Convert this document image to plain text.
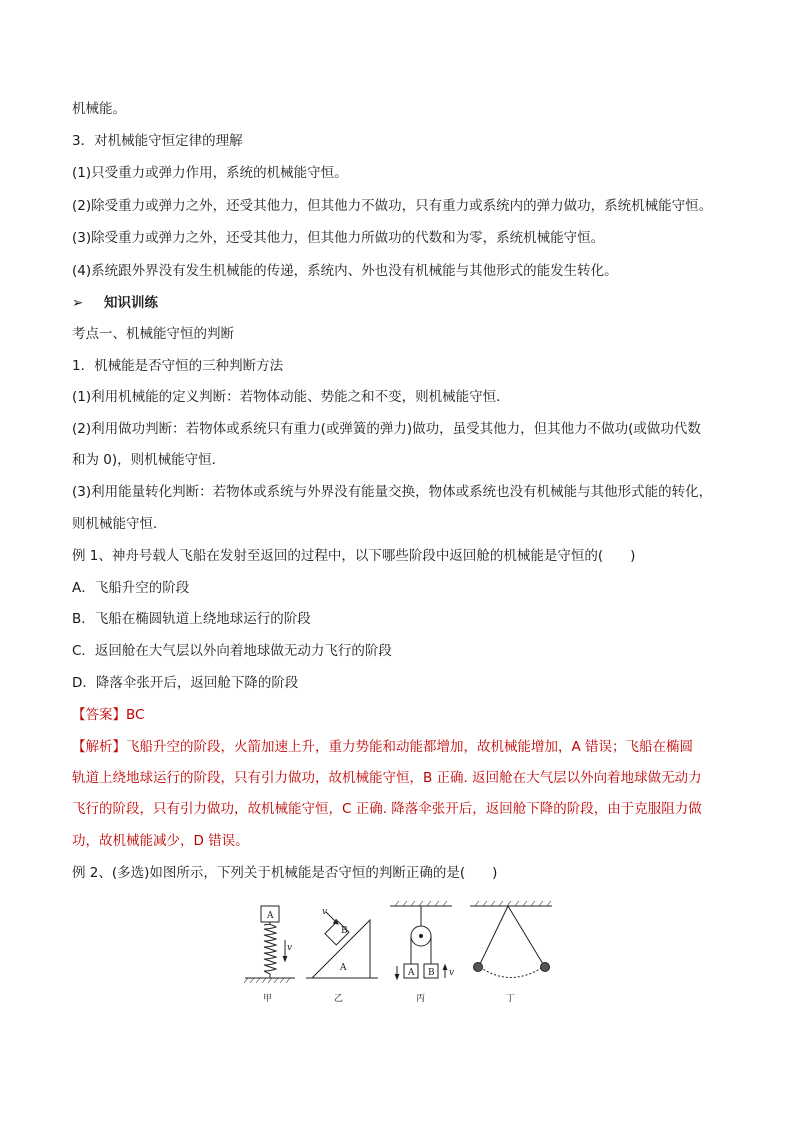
机械能。
3．对机械能守恒定律的理解
(1)只受重力或弹力作用，系统的机械能守恒。
(2)除受重力或弹力之外，还受其他力，但其他力不做功，只有重力或系统内的弹力做功，系统机械能守恒。
(3)除受重力或弹力之外，还受其他力，但其他力所做功的代数和为零，系统机械能守恒。
(4)系统跟外界没有发生机械能的传递，系统内、外也没有机械能与其他形式的能发生转化。
➢ 知识训练
考点一、机械能守恒的判断
1．机械能是否守恒的三种判断方法
(1)利用机械能的定义判断：若物体动能、势能之和不变，则机械能守恒．
(2)利用做功判断：若物体或系统只有重力(或弹簧的弹力)做功，虽受其他力，但其他力不做功(或做功代数
和为 0)，则机械能守恒．
(3)利用能量转化判断：若物体或系统与外界没有能量交换，物体或系统也没有机械能与其他形式能的转化，
则机械能守恒．
例 1、神舟号载人飞船在发射至返回的过程中，以下哪些阶段中返回舱的机械能是守恒的(　　)
A．飞船升空的阶段
B．飞船在椭圆轨道上绕地球运行的阶段
C．返回舱在大气层以外向着地球做无动力飞行的阶段
D．降落伞张开后，返回舱下降的阶段
【答案】BC
【解析】飞船升空的阶段，火箭加速上升，重力势能和动能都增加，故机械能增加，A 错误；飞船在椭圆
轨道上绕地球运行的阶段，只有引力做功，故机械能守恒，B 正确. 返回舱在大气层以外向着地球做无动力
飞行的阶段，只有引力做功，故机械能守恒，C 正确. 降落伞张开后，返回舱下降的阶段，由于克服阻力做
功，故机械能减少，D 错误。
例 2、(多选)如图所示，下列关于机械能是否守恒的判断正确的是(　　)
A
v
甲
B
A
v
乙
A B v
丙	丁
